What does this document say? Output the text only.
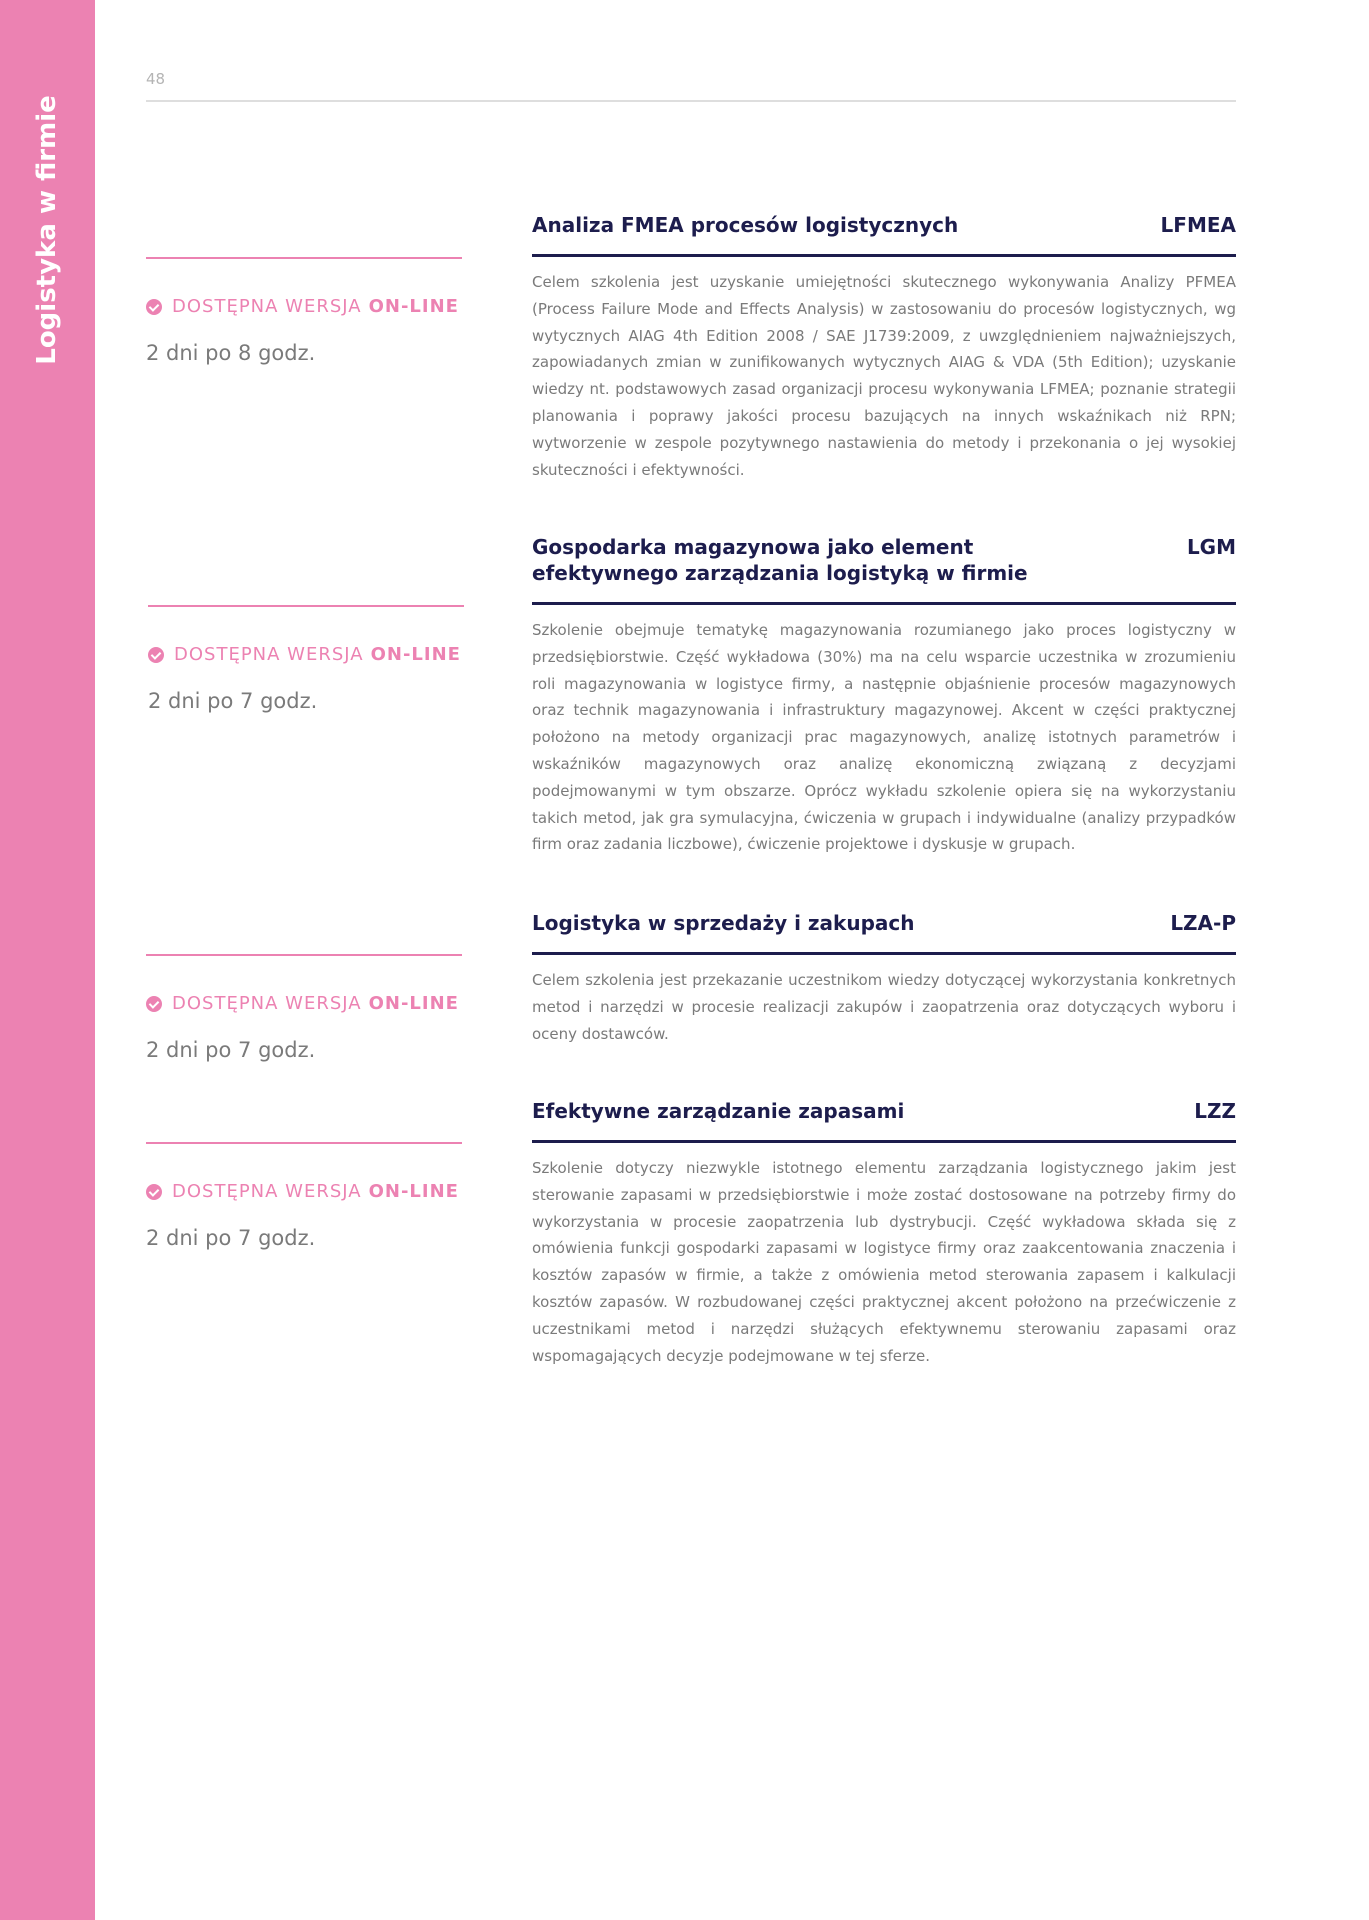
Logistyka w firmie
48
Analiza FMEA procesów logistycznych	LFMEA
Celem szkolenia jest uzyskanie umiejętności skutecznego wykonywania Analizy PFMEA (Process Failure Mode and Effects Analysis) w zastosowaniu do procesów logistycznych, wg wytycznych AIAG 4th Edition 2008 / SAE J1739:2009, z uwzględnieniem najważniejszych, zapowiadanych zmian w zunifikowanych wytycznych AIAG & VDA (5th Edition); uzyskanie wiedzy nt. podstawowych zasad organizacji procesu wykonywania LFMEA; poznanie strategii planowania i poprawy jakości procesu bazujących na innych wskaźnikach niż RPN; wytworzenie w zespole pozytywnego nastawienia do metody i przekonania o jej wysokiej skuteczności i efektywności.
DOSTĘPNA WERSJA ON-LINE
2 dni po 8 godz.
Gospodarka magazynowa jako element efektywnego zarządzania logistyką w firmie
LGM
Szkolenie obejmuje tematykę magazynowania rozumianego jako proces logistyczny w przedsiębiorstwie. Część wykładowa (30%) ma na celu wsparcie uczestnika w zrozumieniu roli magazynowania w logistyce firmy, a następnie objaśnienie procesów magazynowych oraz technik magazynowania i infrastruktury magazynowej. Akcent w części praktycznej położono na metody organizacji prac magazynowych, analizę istotnych parametrów i wskaźników magazynowych oraz analizę ekonomiczną związaną z decyzjami podejmowanymi w tym obszarze. Oprócz wykładu szkolenie opiera się na wykorzystaniu takich metod, jak gra symulacyjna, ćwiczenia w grupach i indywidualne (analizy przypadków firm oraz zadania liczbowe), ćwiczenie projektowe i dyskusje w grupach.
DOSTĘPNA WERSJA ON-LINE
2 dni po 7 godz.
Logistyka w sprzedaży i zakupach	LZA-P
Celem szkolenia jest przekazanie uczestnikom wiedzy dotyczącej wykorzystania konkretnych metod i narzędzi w procesie realizacji zakupów i zaopatrzenia oraz dotyczących wyboru i oceny dostawców.
DOSTĘPNA WERSJA ON-LINE
2 dni po 7 godz.
Efektywne zarządzanie zapasami	LZZ
Szkolenie dotyczy niezwykle istotnego elementu zarządzania logistycznego jakim jest sterowanie zapasami w przedsiębiorstwie i może zostać dostosowane na potrzeby firmy do wykorzystania w procesie zaopatrzenia lub dystrybucji. Część wykładowa składa się z omówienia funkcji gospodarki zapasami w logistyce firmy oraz zaakcentowania znaczenia i kosztów zapasów w firmie, a także z omówienia metod sterowania zapasem i kalkulacji kosztów zapasów. W rozbudowanej części praktycznej akcent położono na przećwiczenie z uczestnikami metod i narzędzi służących efektywnemu sterowaniu zapasami oraz wspomagających decyzje podejmowane w tej sferze.
DOSTĘPNA WERSJA ON-LINE
2 dni po 7 godz.
